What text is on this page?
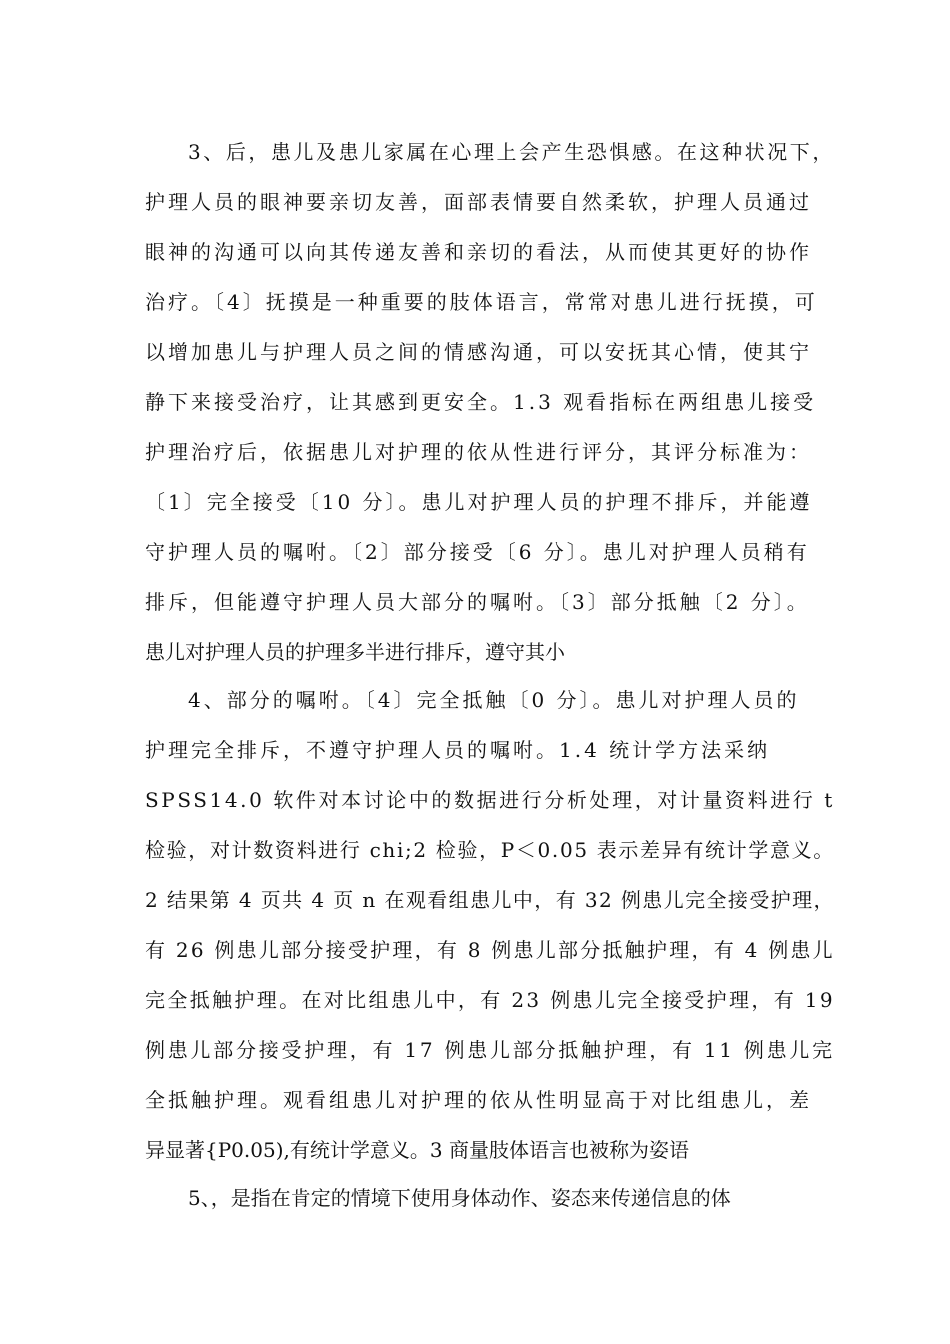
3、后，患儿及患儿家属在心理上会产生恐惧感。在这种状况下，
护理人员的眼神要亲切友善，面部表情要自然柔软，护理人员通过
眼神的沟通可以向其传递友善和亲切的看法，从而使其更好的协作
治疗。〔4〕抚摸是一种重要的肢体语言，常常对患儿进行抚摸，可
以增加患儿与护理人员之间的情感沟通，可以安抚其心情，使其宁
静下来接受治疗，让其感到更安全。1.3 观看指标在两组患儿接受
护理治疗后，依据患儿对护理的依从性进行评分，其评分标准为：
〔1〕完全接受〔10 分〕。患儿对护理人员的护理不排斥，并能遵
守护理人员的嘱咐。〔2〕部分接受〔6 分〕。患儿对护理人员稍有
排斥，但能遵守护理人员大部分的嘱咐。〔3〕部分抵触〔2 分〕。
患儿对护理人员的护理多半进行排斥，遵守其小
4、部分的嘱咐。〔4〕完全抵触〔0 分〕。患儿对护理人员的
护理完全排斥，不遵守护理人员的嘱咐。1.4 统计学方法采纳
SPSS14.0 软件对本讨论中的数据进行分析处理，对计量资料进行 t
检验，对计数资料进行 chi;2 检验，P＜0.05 表示差异有统计学意义。
2 结果第 4 页共 4 页 n 在观看组患儿中，有 32 例患儿完全接受护理，
有 26 例患儿部分接受护理，有 8 例患儿部分抵触护理，有 4 例患儿
完全抵触护理。在对比组患儿中，有 23 例患儿完全接受护理，有 19
例患儿部分接受护理，有 17 例患儿部分抵触护理，有 11 例患儿完
全抵触护理。观看组患儿对护理的依从性明显高于对比组患儿，差
异显著{P0.05),有统计学意义。3 商量肢体语言也被称为姿语
5、，是指在肯定的情境下使用身体动作、姿态来传递信息的体
